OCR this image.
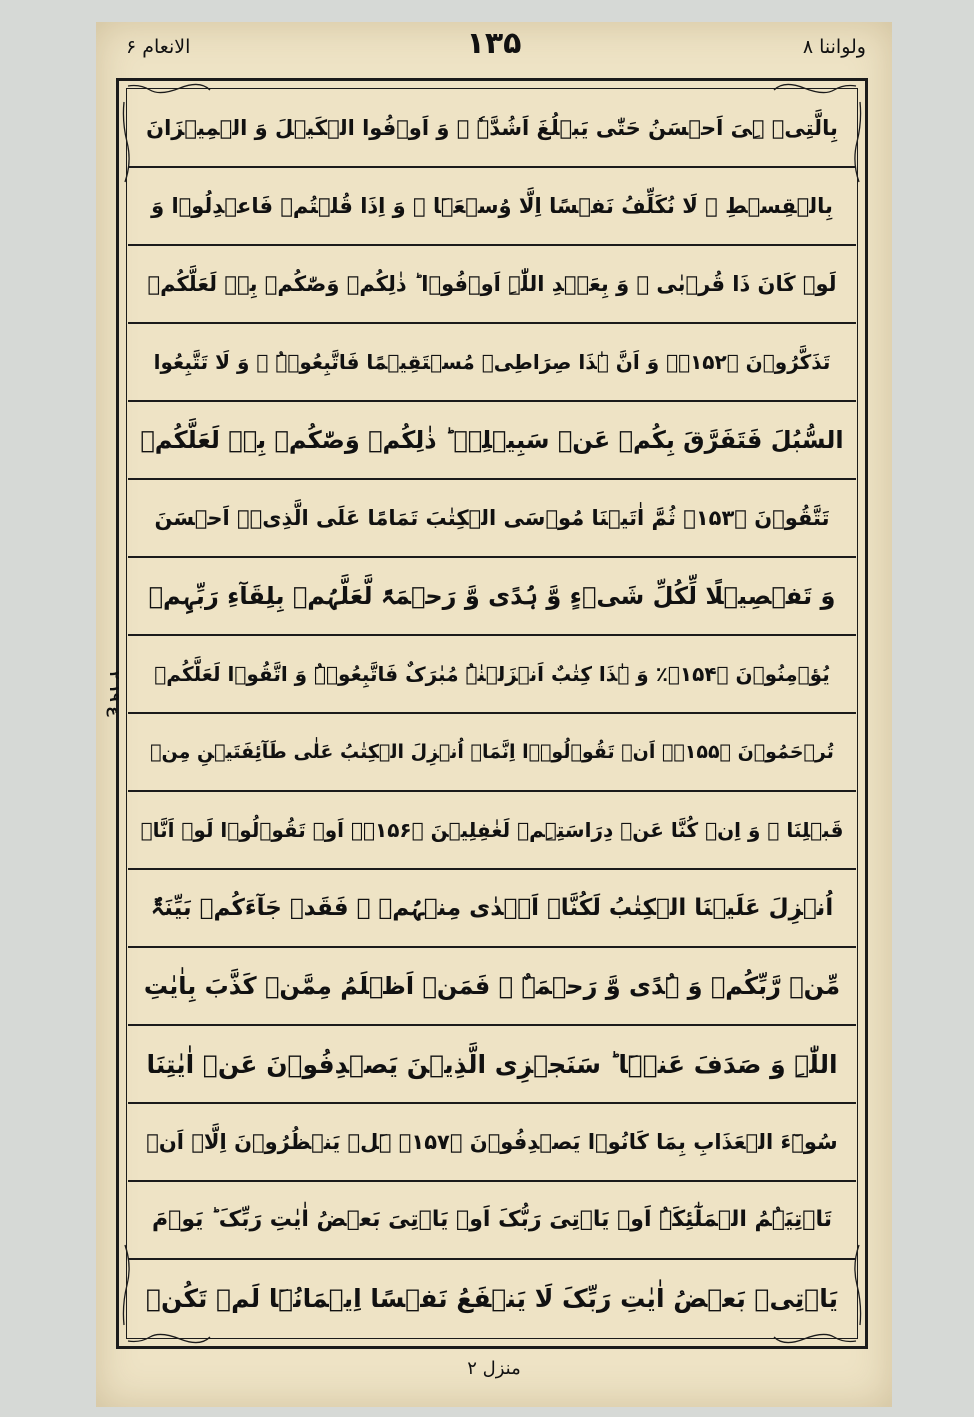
الانعام ۶	۱۳۵	ولواننا ۸
بِالَّتِیۡ ہِیَ اَحۡسَنُ حَتّٰی یَبۡلُغَ اَشُدَّہٗ ۚ وَ اَوۡفُوا الۡکَیۡلَ وَ الۡمِیۡزَانَ
بِالۡقِسۡطِ ۚ لَا نُکَلِّفُ نَفۡسًا اِلَّا وُسۡعَہَا ۚ وَ اِذَا قُلۡتُمۡ فَاعۡدِلُوۡا وَ
لَوۡ کَانَ ذَا قُرۡبٰی ۚ وَ بِعَہۡدِ اللّٰہِ اَوۡفُوۡا ؕ ذٰلِکُمۡ وَصّٰکُمۡ بِہٖ لَعَلَّکُمۡ
تَذَکَّرُوۡنَ ﴿۱۵۲﴾ۙ وَ اَنَّ ہٰذَا صِرَاطِیۡ مُسۡتَقِیۡمًا فَاتَّبِعُوۡہُ ۚ وَ لَا تَتَّبِعُوا
السُّبُلَ فَتَفَرَّقَ بِکُمۡ عَنۡ سَبِیۡلِہٖ ؕ ذٰلِکُمۡ وَصّٰکُمۡ بِہٖ لَعَلَّکُمۡ
تَتَّقُوۡنَ ﴿۱۵۳﴾ ثُمَّ اٰتَیۡنَا مُوۡسَی الۡکِتٰبَ تَمَامًا عَلَی الَّذِیۡۤ اَحۡسَنَ
وَ تَفۡصِیۡلًا لِّکُلِّ شَیۡءٍ وَّ ہُدًی وَّ رَحۡمَۃً لَّعَلَّہُمۡ بِلِقَآءِ رَبِّہِمۡ
یُؤۡمِنُوۡنَ ﴿۱۵۴﴾٪ وَ ہٰذَا کِتٰبٌ اَنۡزَلۡنٰہُ مُبٰرَکٌ فَاتَّبِعُوۡہُ وَ اتَّقُوۡا لَعَلَّکُمۡ
تُرۡحَمُوۡنَ ﴿۱۵۵﴾ۙ اَنۡ تَقُوۡلُوۡۤا اِنَّمَاۤ اُنۡزِلَ الۡکِتٰبُ عَلٰی طَآئِفَتَیۡنِ مِنۡ
قَبۡلِنَا ۪ وَ اِنۡ کُنَّا عَنۡ دِرَاسَتِہِمۡ لَغٰفِلِیۡنَ ﴿۱۵۶﴾ۙ اَوۡ تَقُوۡلُوۡا لَوۡ اَنَّاۤ
اُنۡزِلَ عَلَیۡنَا الۡکِتٰبُ لَکُنَّاۤ اَہۡدٰی مِنۡہُمۡ ۚ فَقَدۡ جَآءَکُمۡ بَیِّنَۃٌ
مِّنۡ رَّبِّکُمۡ وَ ہُدًی وَّ رَحۡمَۃٌ ۚ فَمَنۡ اَظۡلَمُ مِمَّنۡ کَذَّبَ بِاٰیٰتِ
اللّٰہِ وَ صَدَفَ عَنۡہَا ؕ سَنَجۡزِی الَّذِیۡنَ یَصۡدِفُوۡنَ عَنۡ اٰیٰتِنَا
سُوۡٓءَ الۡعَذَابِ بِمَا کَانُوۡا یَصۡدِفُوۡنَ ﴿۱۵۷﴾ ہَلۡ یَنۡظُرُوۡنَ اِلَّاۤ اَنۡ
تَاۡتِیَہُمُ الۡمَلٰٓئِکَۃُ اَوۡ یَاۡتِیَ رَبُّکَ اَوۡ یَاۡتِیَ بَعۡضُ اٰیٰتِ رَبِّکَ ؕ یَوۡمَ
یَاۡتِیۡ بَعۡضُ اٰیٰتِ رَبِّکَ لَا یَنۡفَعُ نَفۡسًا اِیۡمَانُہَا لَمۡ تَکُنۡ
منزل ۲
ع ۱۹ ۲
